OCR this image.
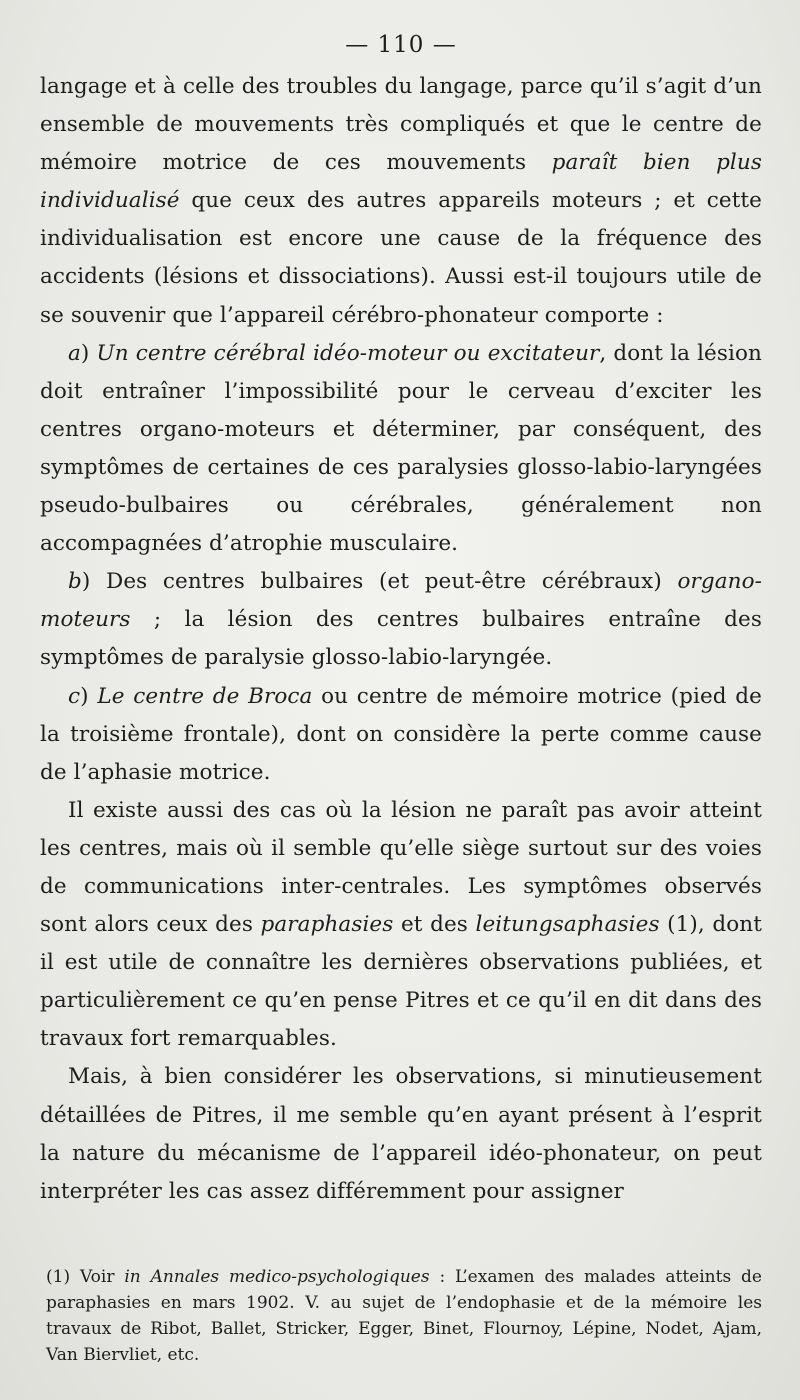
— 110 —

langage et à celle des troubles du langage, parce qu’il s’agit d’un ensemble de mouvements très compliqués et que le centre de mémoire motrice de ces mouvements paraît bien plus individualisé que ceux des autres appareils moteurs ; et cette individualisation est encore une cause de la fréquence des accidents (lésions et dissociations). Aussi est-il toujours utile de se souvenir que l’appareil cérébro-phonateur comporte :

a) Un centre cérébral idéo-moteur ou excitateur, dont la lésion doit entraîner l’impossibilité pour le cerveau d’exciter les centres organo-moteurs et déterminer, par conséquent, des symptômes de certaines de ces paralysies glosso-labio-laryngées pseudo-bulbaires ou cérébrales, généralement non accompagnées d’atrophie musculaire.

b) Des centres bulbaires (et peut-être cérébraux) organo-moteurs ; la lésion des centres bulbaires entraîne des symptômes de paralysie glosso-labio-laryngée.

c) Le centre de Broca ou centre de mémoire motrice (pied de la troisième frontale), dont on considère la perte comme cause de l’aphasie motrice.

Il existe aussi des cas où la lésion ne paraît pas avoir atteint les centres, mais où il semble qu’elle siège surtout sur des voies de communications inter-centrales. Les symptômes observés sont alors ceux des paraphasies et des leitungsaphasies (1), dont il est utile de connaître les dernières observations publiées, et particulièrement ce qu’en pense Pitres et ce qu’il en dit dans des travaux fort remarquables.

Mais, à bien considérer les observations, si minutieusement détaillées de Pitres, il me semble qu’en ayant présent à l’esprit la nature du mécanisme de l’appareil idéo-phonateur, on peut interpréter les cas assez différemment pour assigner

(1) Voir in Annales medico-psychologiques : L’examen des malades atteints de paraphasies en mars 1902. V. au sujet de l’endophasie et de la mémoire les travaux de Ribot, Ballet, Stricker, Egger, Binet, Flournoy, Lépine, Nodet, Ajam, Van Biervliet, etc.
